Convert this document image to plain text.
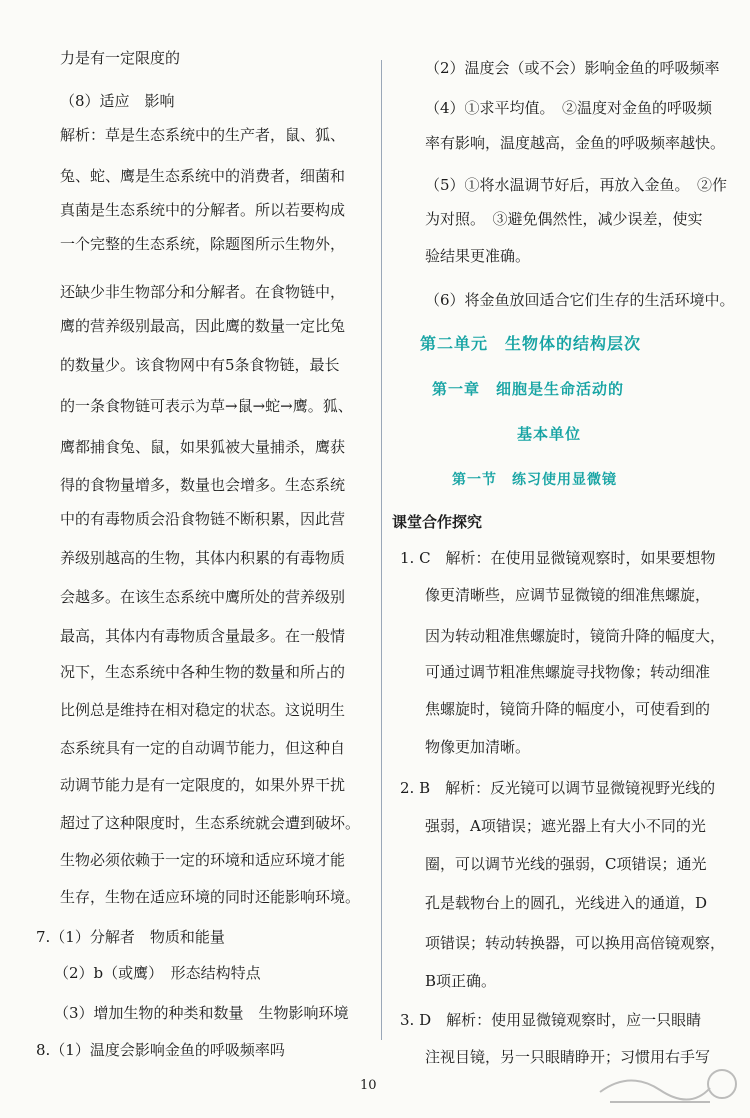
力是有一定限度的
（8）适应　影响
解析：草是生态系统中的生产者，鼠、狐、
兔、蛇、鹰是生态系统中的消费者，细菌和
真菌是生态系统中的分解者。所以若要构成
一个完整的生态系统，除题图所示生物外，
还缺少非生物部分和分解者。在食物链中，
鹰的营养级别最高，因此鹰的数量一定比兔
的数量少。该食物网中有5条食物链，最长
的一条食物链可表示为草→鼠→蛇→鹰。狐、
鹰都捕食兔、鼠，如果狐被大量捕杀，鹰获
得的食物量增多，数量也会增多。生态系统
中的有毒物质会沿食物链不断积累，因此营
养级别越高的生物，其体内积累的有毒物质
会越多。在该生态系统中鹰所处的营养级别
最高，其体内有毒物质含量最多。在一般情
况下，生态系统中各种生物的数量和所占的
比例总是维持在相对稳定的状态。这说明生
态系统具有一定的自动调节能力，但这种自
动调节能力是有一定限度的，如果外界干扰
超过了这种限度时，生态系统就会遭到破坏。
生物必须依赖于一定的环境和适应环境才能
生存，生物在适应环境的同时还能影响环境。
7.（1）分解者　物质和能量
（2）b（或鹰）　形态结构特点
（3）增加生物的种类和数量　生物影响环境
8.（1）温度会影响金鱼的呼吸频率吗
（2）温度会（或不会）影响金鱼的呼吸频率
（4）①求平均值。　②温度对金鱼的呼吸频
率有影响，温度越高，金鱼的呼吸频率越快。
（5）①将水温调节好后，再放入金鱼。　②作
为对照。　③避免偶然性，减少误差，使实
验结果更准确。
（6）将金鱼放回适合它们生存的生活环境中。
第二单元　生物体的结构层次
第一章　细胞是生命活动的
基本单位
第一节　练习使用显微镜
课堂合作探究
1. C　解析：在使用显微镜观察时，如果要想物
像更清晰些，应调节显微镜的细准焦螺旋，
因为转动粗准焦螺旋时，镜筒升降的幅度大，
可通过调节粗准焦螺旋寻找物像；转动细准
焦螺旋时，镜筒升降的幅度小，可使看到的
物像更加清晰。
2. B　解析：反光镜可以调节显微镜视野光线的
强弱，A项错误；遮光器上有大小不同的光
圈，可以调节光线的强弱，C项错误；通光
孔是载物台上的圆孔，光线进入的通道，D
项错误；转动转换器，可以换用高倍镜观察，
B项正确。
3. D　解析：使用显微镜观察时，应一只眼睛
注视目镜，另一只眼睛睁开；习惯用右手写
10
